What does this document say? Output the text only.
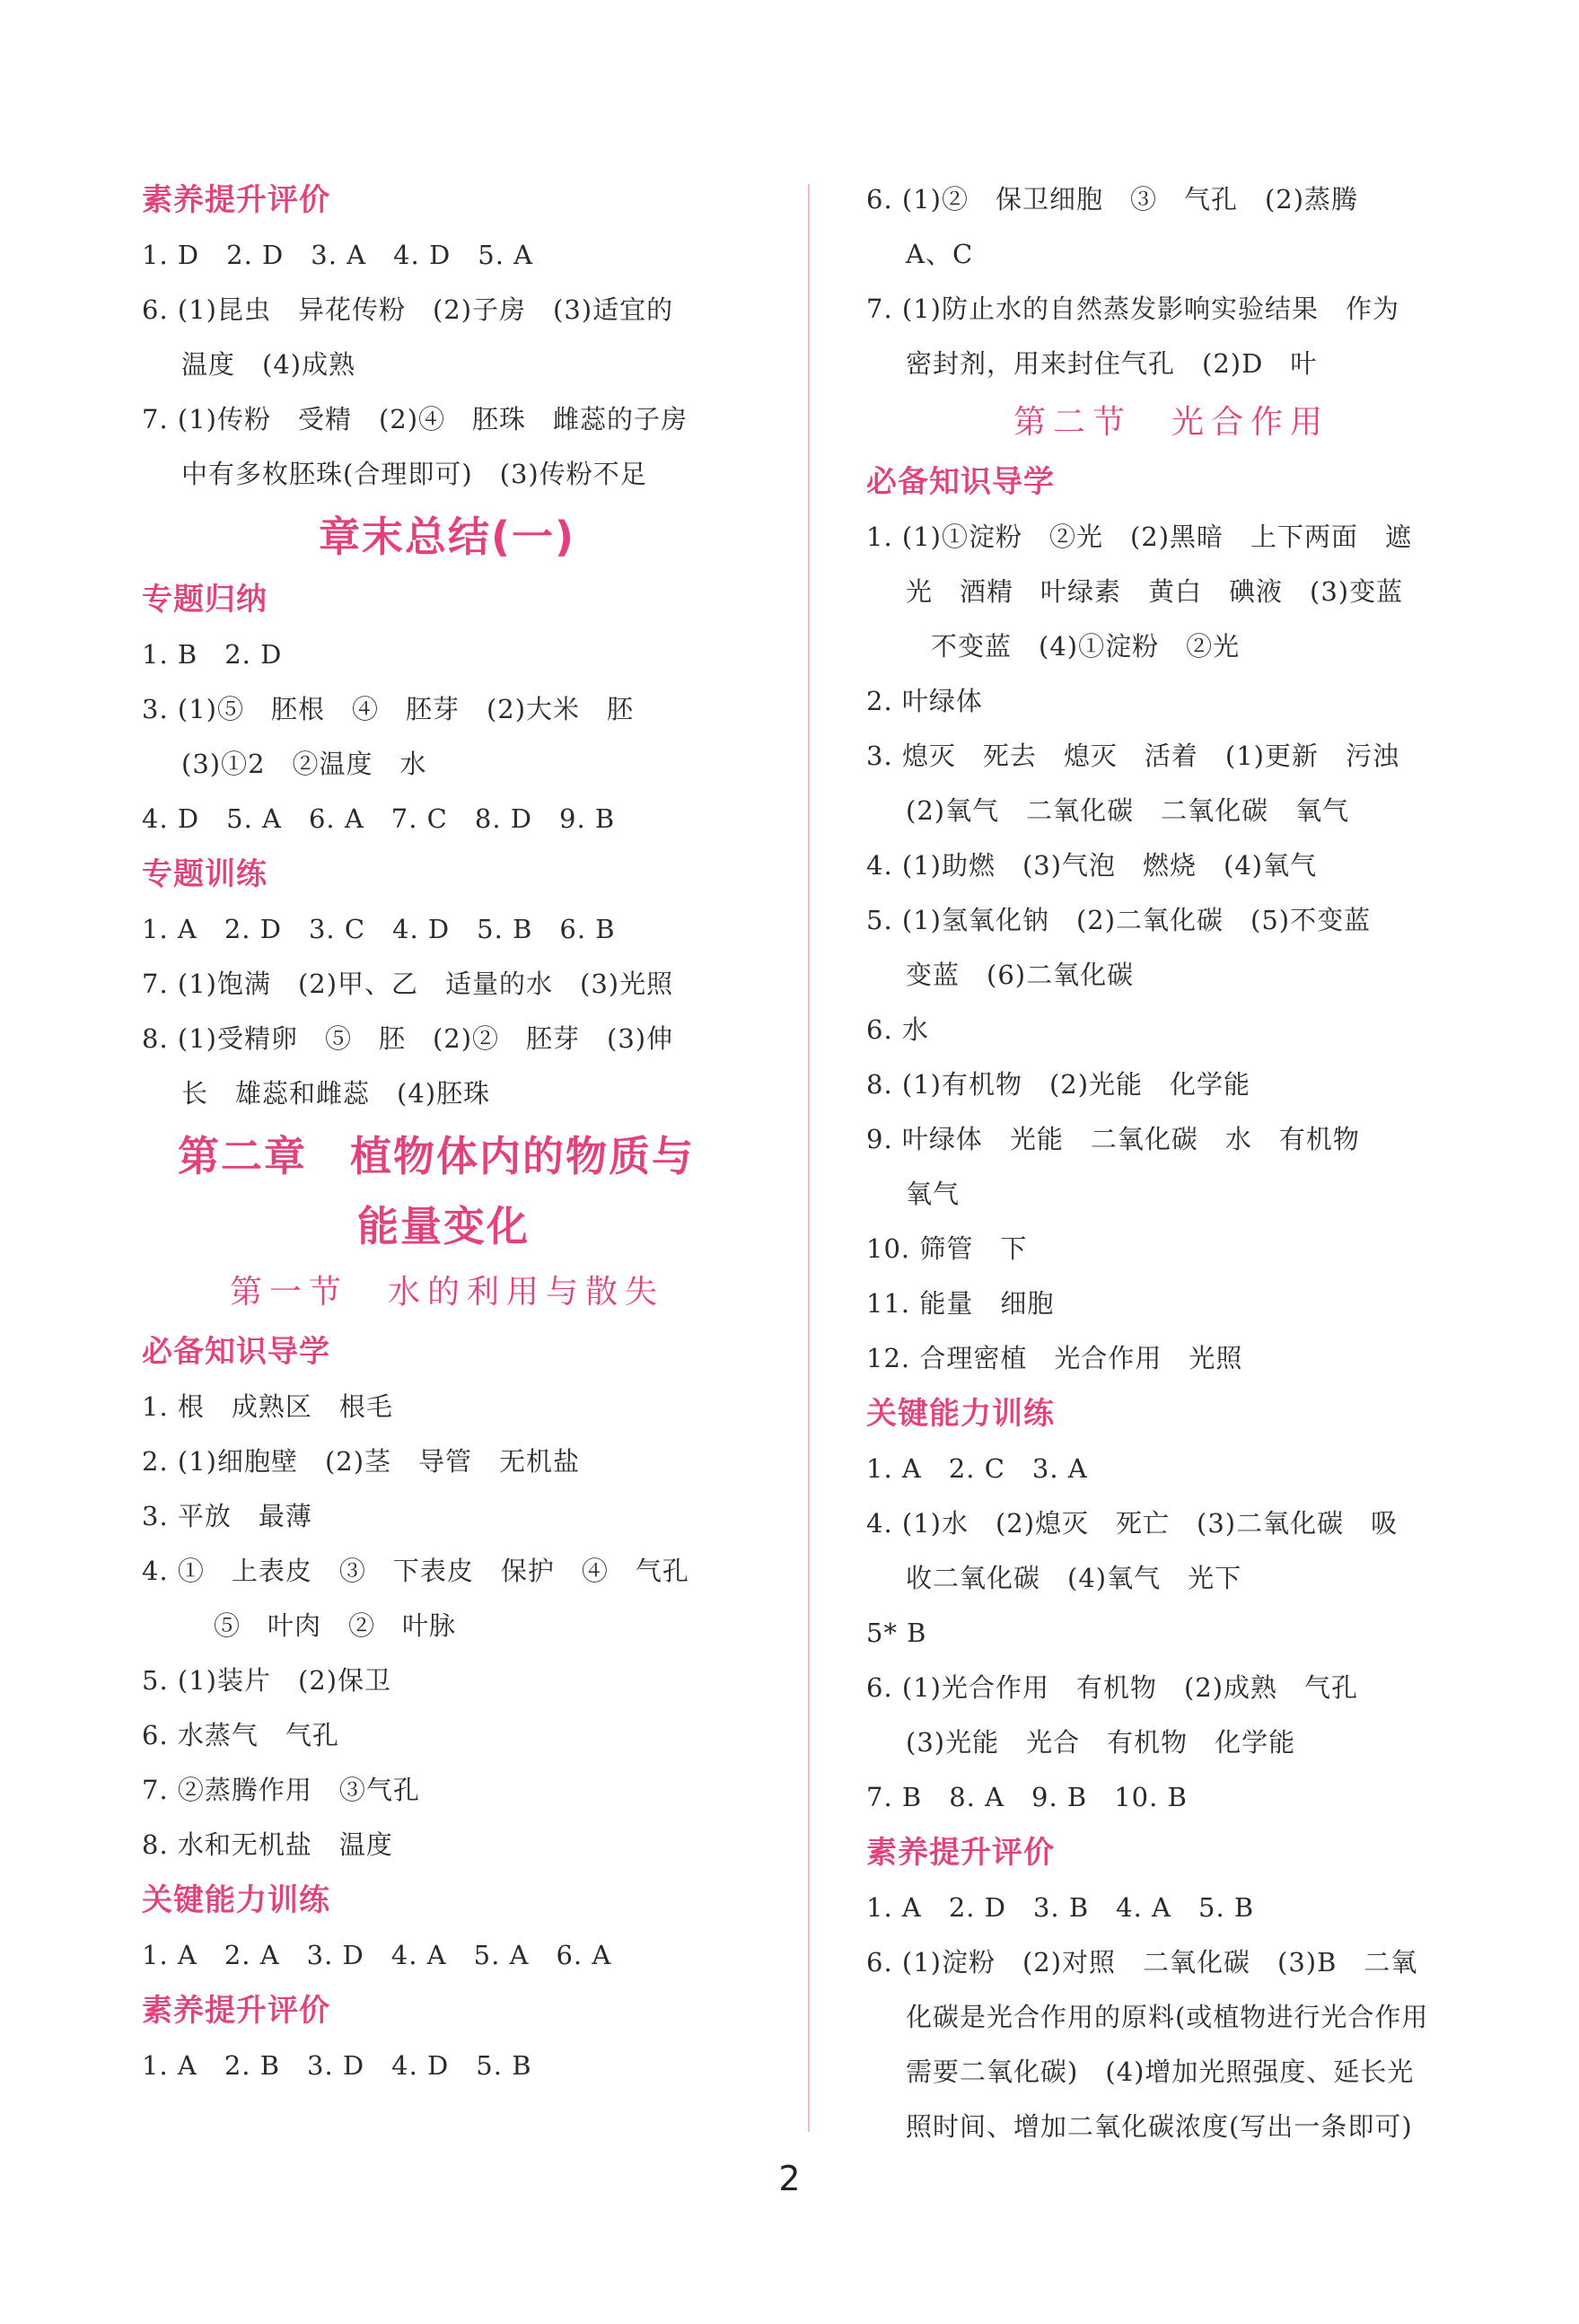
素养提升评价
1. D　2. D　3. A　4. D　5. A
6. (1)昆虫　异花传粉　(2)子房　(3)适宜的
温度　(4)成熟
7. (1)传粉　受精　(2)④　胚珠　雌蕊的子房
中有多枚胚珠(合理即可)　(3)传粉不足
章末总结(一)
专题归纳
1. B　2. D
3. (1)⑤　胚根　④　胚芽　(2)大米　胚
(3)①2　②温度　水
4. D　5. A　6. A　7. C　8. D　9. B
专题训练
1. A　2. D　3. C　4. D　5. B　6. B
7. (1)饱满　(2)甲、乙　适量的水　(3)光照
8. (1)受精卵　⑤　胚　(2)②　胚芽　(3)伸
长　雄蕊和雌蕊　(4)胚珠
第二章　植物体内的物质与
能量变化
第一节　水的利用与散失
必备知识导学
1. 根　成熟区　根毛
2. (1)细胞壁　(2)茎　导管　无机盐
3. 平放　最薄
4. ①　上表皮　③　下表皮　保护　④　气孔
⑤　叶肉　②　叶脉
5. (1)装片　(2)保卫
6. 水蒸气　气孔
7. ②蒸腾作用　③气孔
8. 水和无机盐　温度
关键能力训练
1. A　2. A　3. D　4. A　5. A　6. A
素养提升评价
1. A　2. B　3. D　4. D　5. B
6. (1)②　保卫细胞　③　气孔　(2)蒸腾
A、C
7. (1)防止水的自然蒸发影响实验结果　作为
密封剂，用来封住气孔　(2)D　叶
第二节　光合作用
必备知识导学
1. (1)①淀粉　②光　(2)黑暗　上下两面　遮
光　酒精　叶绿素　黄白　碘液　(3)变蓝
不变蓝　(4)①淀粉　②光
2. 叶绿体
3. 熄灭　死去　熄灭　活着　(1)更新　污浊
(2)氧气　二氧化碳　二氧化碳　氧气
4. (1)助燃　(3)气泡　燃烧　(4)氧气
5. (1)氢氧化钠　(2)二氧化碳　(5)不变蓝
变蓝　(6)二氧化碳
6. 水
8. (1)有机物　(2)光能　化学能
9. 叶绿体　光能　二氧化碳　水　有机物
氧气
10. 筛管　下
11. 能量　细胞
12. 合理密植　光合作用　光照
关键能力训练
1. A　2. C　3. A
4. (1)水　(2)熄灭　死亡　(3)二氧化碳　吸
收二氧化碳　(4)氧气　光下
5* B
6. (1)光合作用　有机物　(2)成熟　气孔
(3)光能　光合　有机物　化学能
7. B　8. A　9. B　10. B
素养提升评价
1. A　2. D　3. B　4. A　5. B
6. (1)淀粉　(2)对照　二氧化碳　(3)B　二氧
化碳是光合作用的原料(或植物进行光合作用
需要二氧化碳)　(4)增加光照强度、延长光
照时间、增加二氧化碳浓度(写出一条即可)
2
